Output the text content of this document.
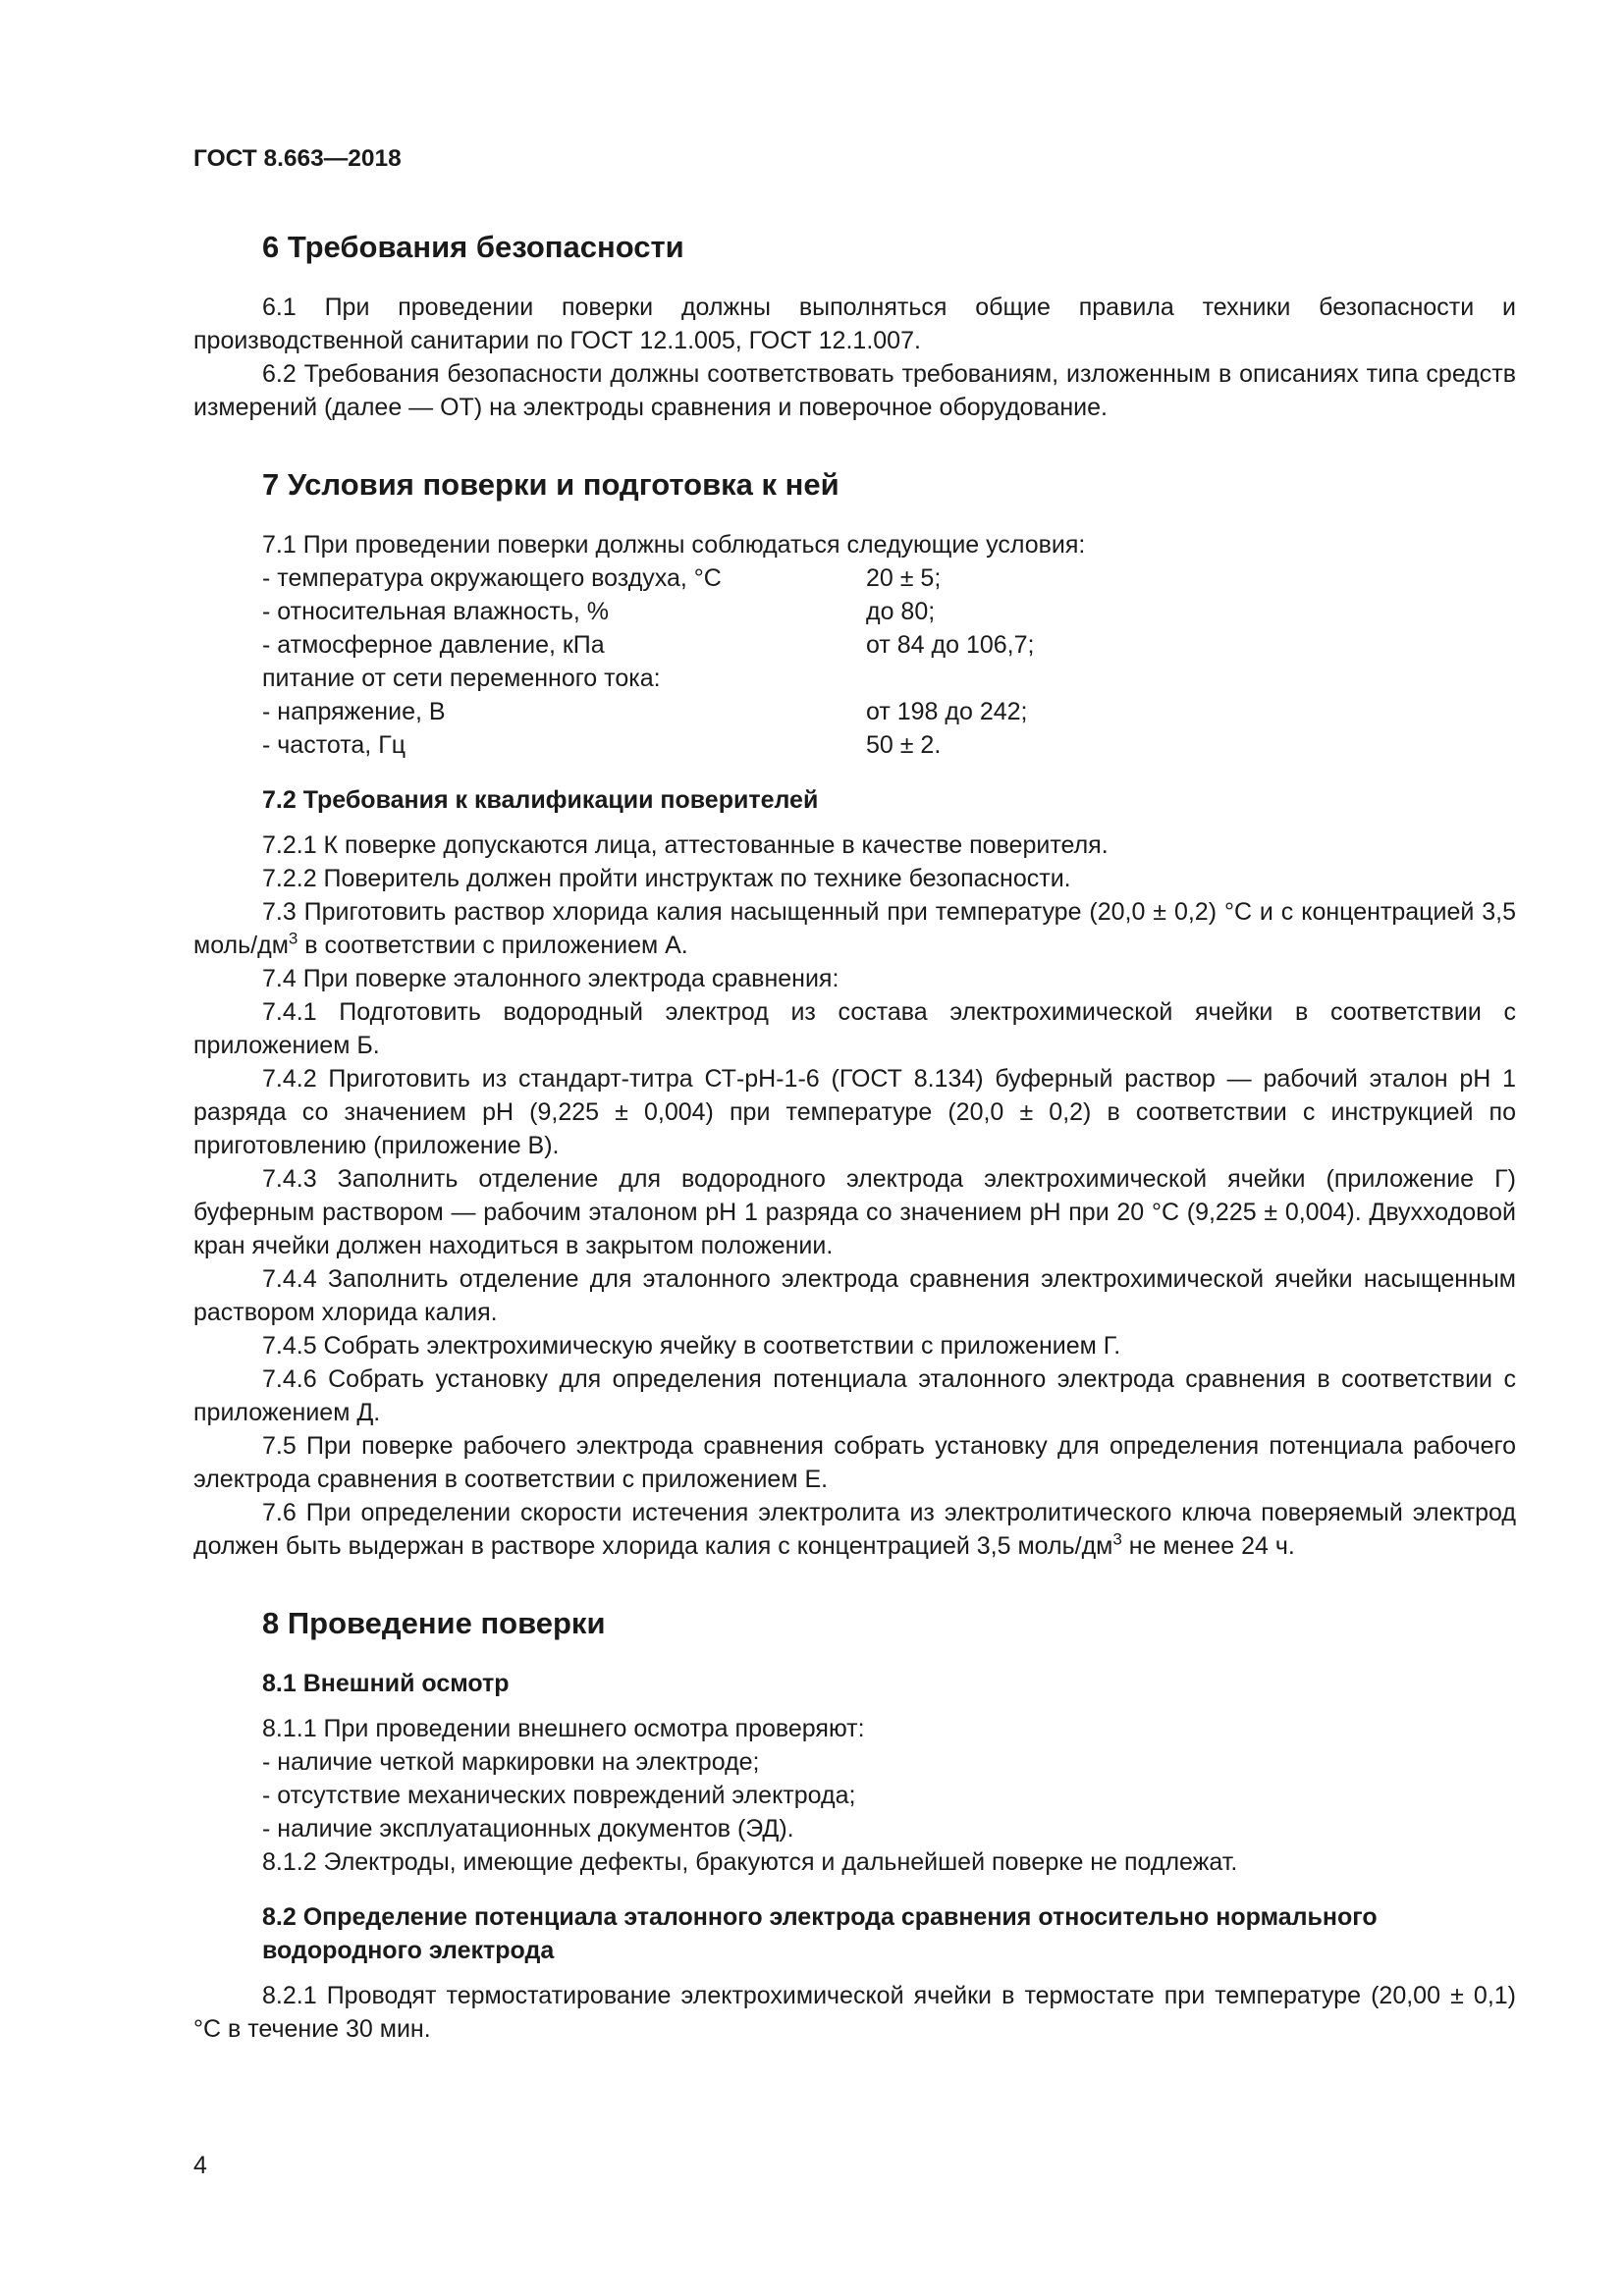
ГОСТ 8.663—2018
6 Требования безопасности

6.1 При проведении поверки должны выполняться общие правила техники безопасности и производственной санитарии по ГОСТ 12.1.005, ГОСТ 12.1.007.

6.2 Требования безопасности должны соответствовать требованиям, изложенным в описаниях типа средств измерений (далее — ОТ) на электроды сравнения и поверочное оборудование.

7 Условия поверки и подготовка к ней

7.1 При проведении поверки должны соблюдаться следующие условия:

- температура окружающего воздуха, °С	20 ± 5;
- относительная влажность, %	до 80;
- атмосферное давление, кПа	от 84 до 106,7;
питание от сети переменного тока:
- напряжение, В	от 198 до 242;
- частота, Гц	50 ± 2.
7.2 Требования к квалификации поверителей

7.2.1 К поверке допускаются лица, аттестованные в качестве поверителя.

7.2.2 Поверитель должен пройти инструктаж по технике безопасности.

7.3 Приготовить раствор хлорида калия насыщенный при температуре (20,0 ± 0,2) °С и с концентрацией 3,5 моль/$дм^3$ в соответствии с приложением А.

7.4 При поверке эталонного электрода сравнения:

7.4.1 Подготовить водородный электрод из состава электрохимической ячейки в соответствии с приложением Б.

7.4.2 Приготовить из стандарт-титра СТ-рН-1-6 (ГОСТ 8.134) буферный раствор — рабочий эталон рН 1 разряда со значением рН (9,225 ± 0,004) при температуре (20,0 ± 0,2) в соответствии с инструкцией по приготовлению (приложение В).

7.4.3 Заполнить отделение для водородного электрода электрохимической ячейки (приложение Г) буферным раствором — рабочим эталоном рН 1 разряда со значением рН при 20 °С (9,225 ± 0,004). Двухходовой кран ячейки должен находиться в закрытом положении.

7.4.4 Заполнить отделение для эталонного электрода сравнения электрохимической ячейки насыщенным раствором хлорида калия.

7.4.5 Собрать электрохимическую ячейку в соответствии с приложением Г.

7.4.6 Собрать установку для определения потенциала эталонного электрода сравнения в соответствии с приложением Д.

7.5 При поверке рабочего электрода сравнения собрать установку для определения потенциала рабочего электрода сравнения в соответствии с приложением Е.

7.6 При определении скорости истечения электролита из электролитического ключа поверяемый электрод должен быть выдержан в растворе хлорида калия с концентрацией 3,5 моль/$дм^3$ не менее 24 ч.

8 Проведение поверки
8.1 Внешний осмотр

8.1.1 При проведении внешнего осмотра проверяют:

- наличие четкой маркировки на электроде;
- отсутствие механических повреждений электрода;
- наличие эксплуатационных документов (ЭД).

8.1.2 Электроды, имеющие дефекты, бракуются и дальнейшей поверке не подлежат.

8.2 Определение потенциала эталонного электрода сравнения относительно нормального водородного электрода

8.2.1 Проводят термостатирование электрохимической ячейки в термостате при температуре (20,00 ± 0,1) °С в течение 30 мин.

4
